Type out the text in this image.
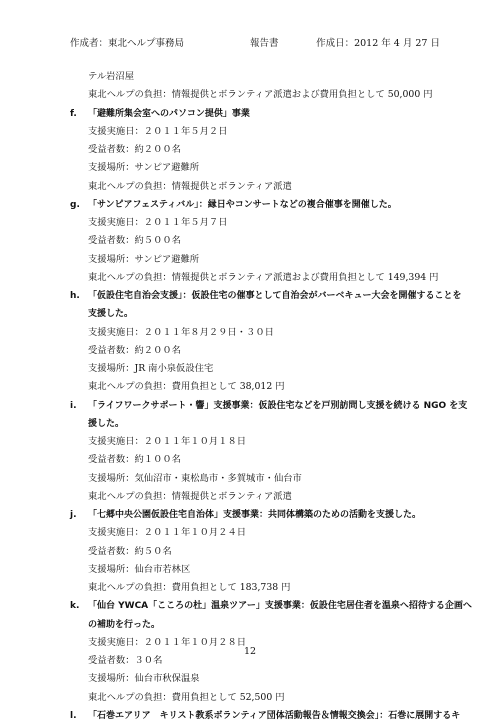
作成者：東北ヘルプ事務局	報告書	作成日：2012 年 4 月 27 日
テル岩沼屋
東北ヘルプの負担：情報提供とボランティア派遣および費用負担として 50,000 円
f.	「避難所集会室へのパソコン提供」事業
支援実施日：２０１１年５月２日
受益者数：約２００名
支援場所：サンピア避難所
東北ヘルプの負担：情報提供とボランティア派遣
g. 「サンピアフェスティバル」：縁日やコンサートなどの複合催事を開催した。
支援実施日：２０１１年５月７日
受益者数：約５００名
支援場所：サンピア避難所
東北ヘルプの負担：情報提供とボランティア派遣および費用負担として 149,394 円
h. 「仮設住宅自治会支援」：仮設住宅の催事として自治会がバーベキュー大会を開催することを
支援した。
支援実施日：２０１１年８月２９日・３０日
受益者数：約２００名
支援場所：JR 南小泉仮設住宅
東北ヘルプの負担：費用負担として 38,012 円
i.	「ライフワークサポート・響」支援事業：仮設住宅などを戸別訪問し支援を続ける NGO を支
援した。
支援実施日：２０１１年１０月１８日
受益者数：約１００名
支援場所：気仙沼市・東松島市・多賀城市・仙台市
東北ヘルプの負担：情報提供とボランティア派遣
j.	「七郷中央公園仮設住宅自治体」支援事業：共同体構築のための活動を支援した。
支援実施日：２０１１年１０月２４日
受益者数：約５０名
支援場所：仙台市若林区
東北ヘルプの負担：費用負担として 183,738 円
k. 「仙台 YWCA「こころの杜」温泉ツアー」支援事業：仮設住宅居住者を温泉へ招待する企画へ
の補助を行った。
支援実施日：２０１１年１０月２８日
受益者数：３０名
支援場所：仙台市秋保温泉
東北ヘルプの負担：費用負担として 52,500 円
l.	「石巻エアリア　キリスト教系ボランティア団体活動報告＆情報交換会」：石巻に展開するキ
12
